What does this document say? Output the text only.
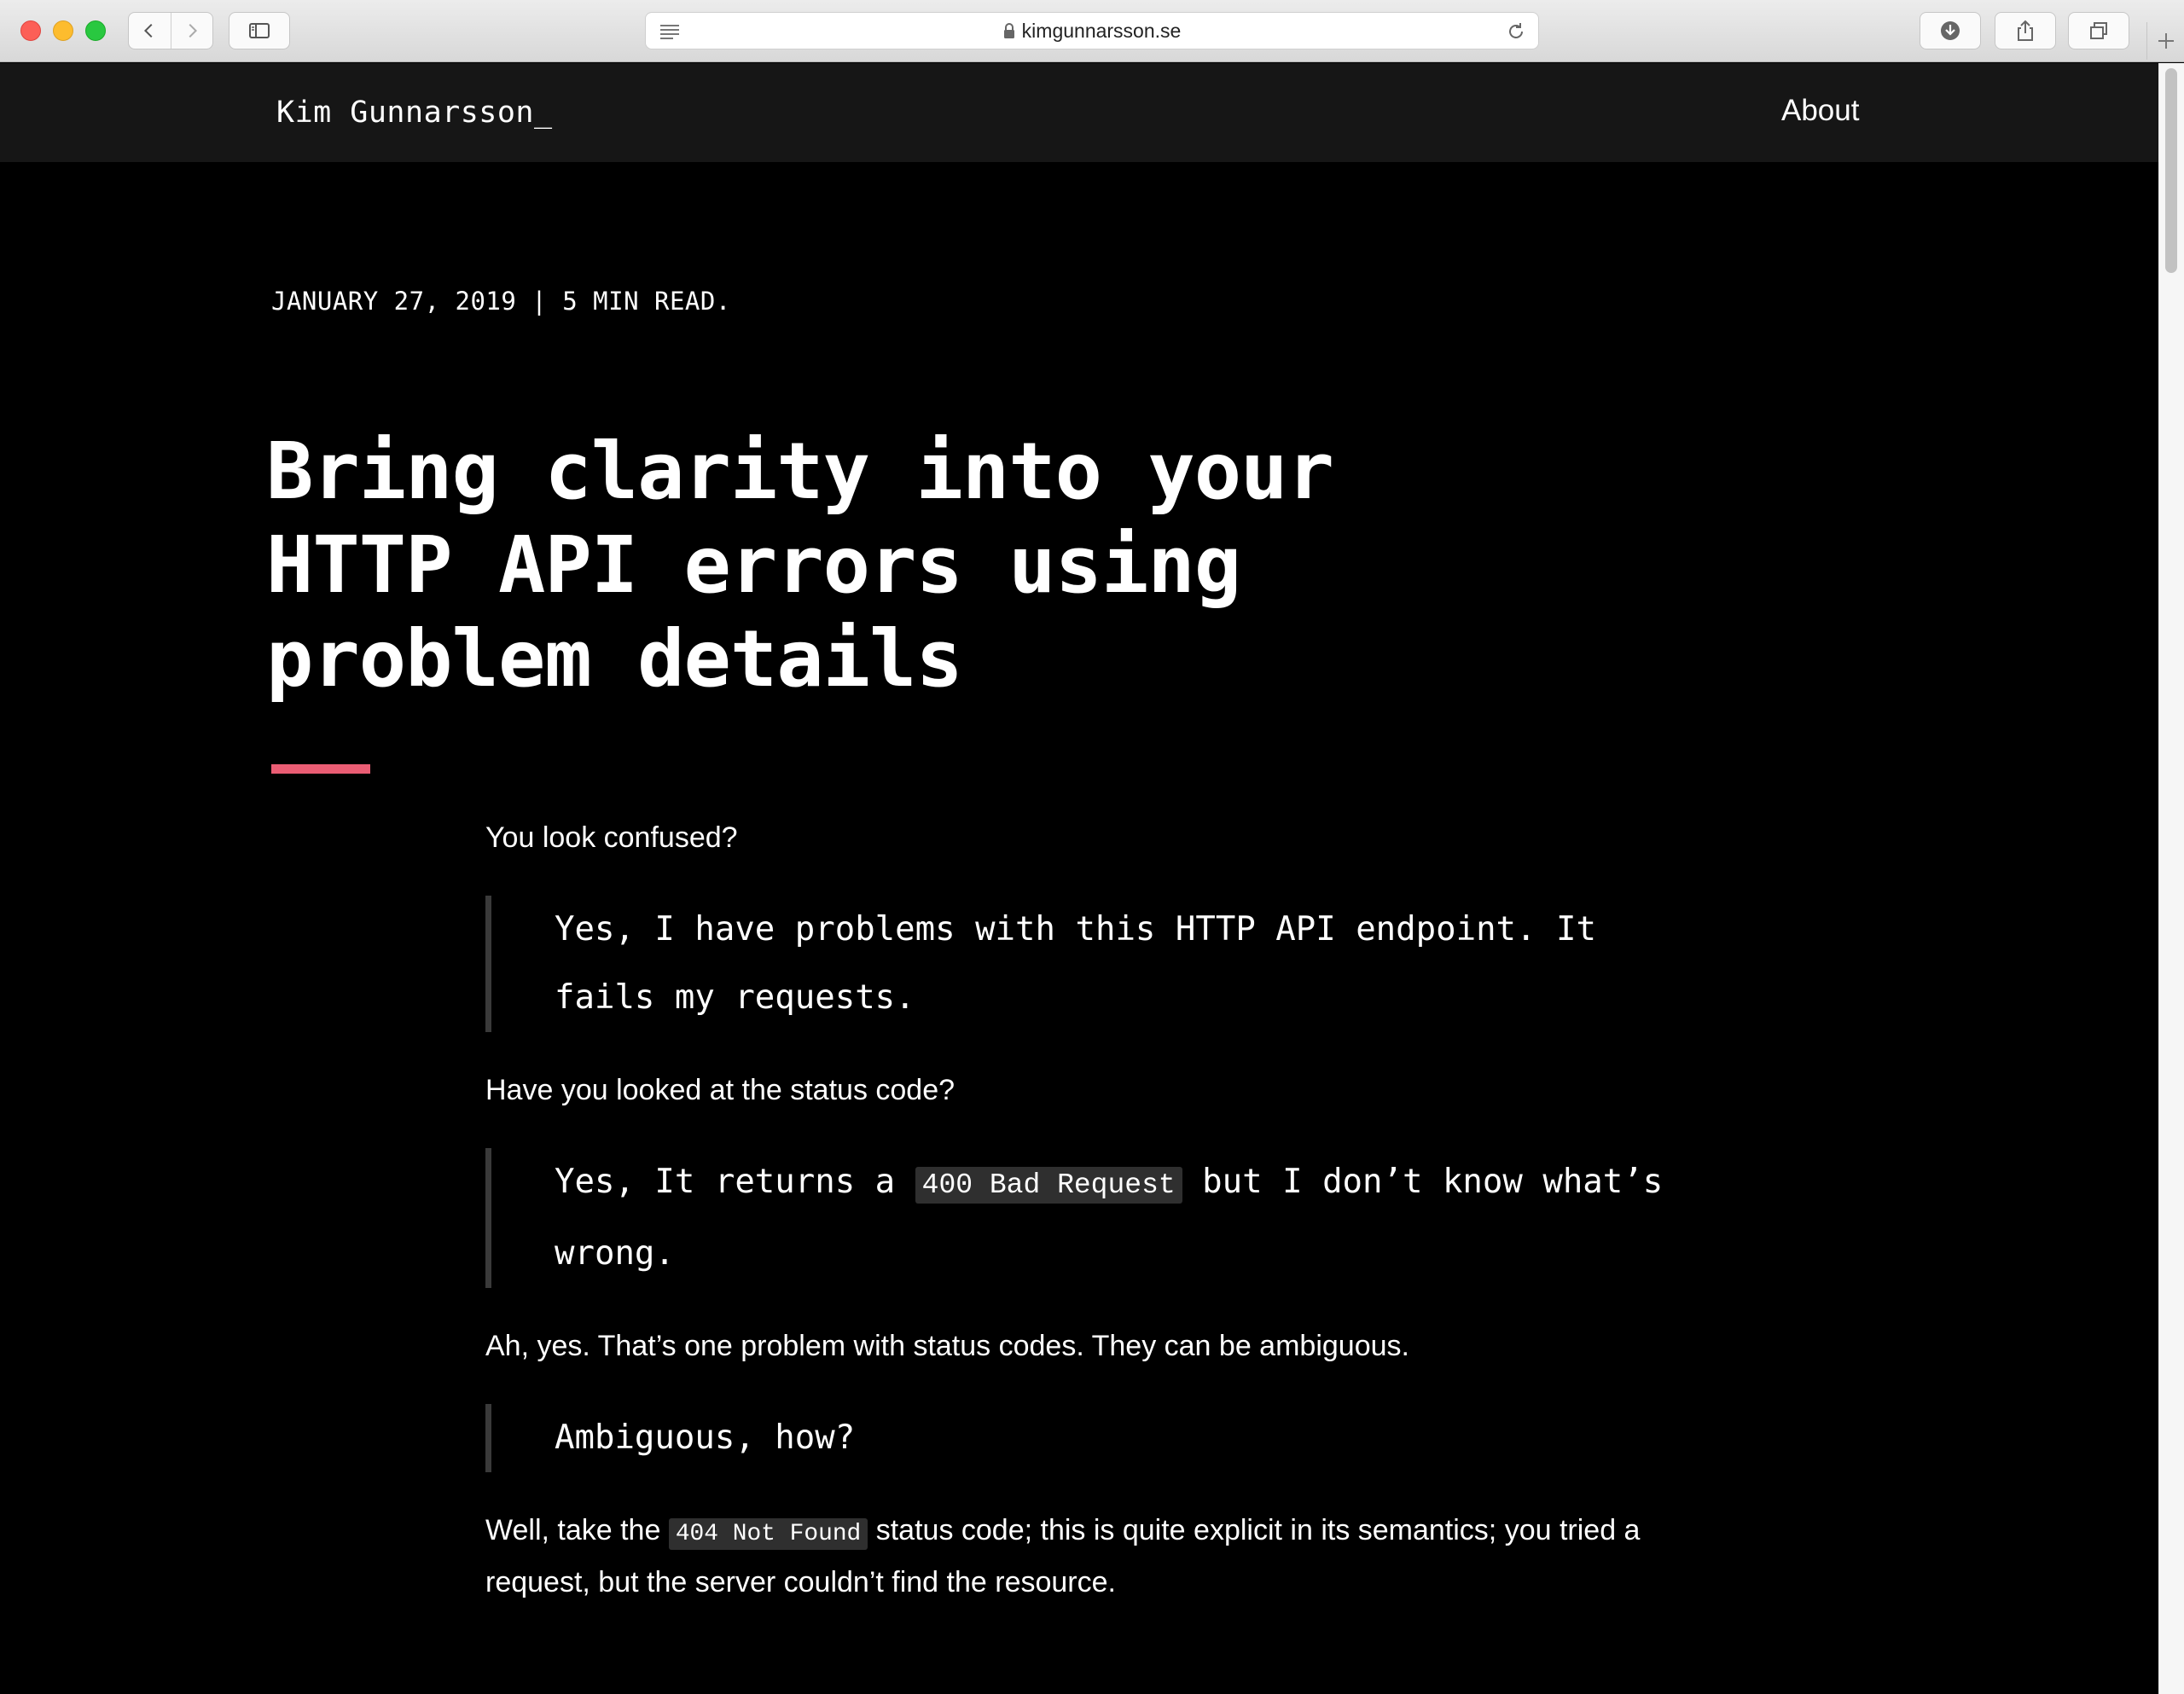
kimgunnarsson.se
Kim Gunnarsson_	About
JANUARY 27, 2019 | 5 MIN READ.
Bring clarity into your HTTP API errors using problem details

You look confused?

Yes, I have problems with this HTTP API endpoint. It fails my requests.

Have you looked at the status code?

Yes, It returns a 400 Bad Request but I don’t know what’s wrong.

Ah, yes. That’s one problem with status codes. They can be ambiguous.

Ambiguous, how?

Well, take the 404 Not Found status code; this is quite explicit in its semantics; you tried a request, but the server couldn’t find the resource.
